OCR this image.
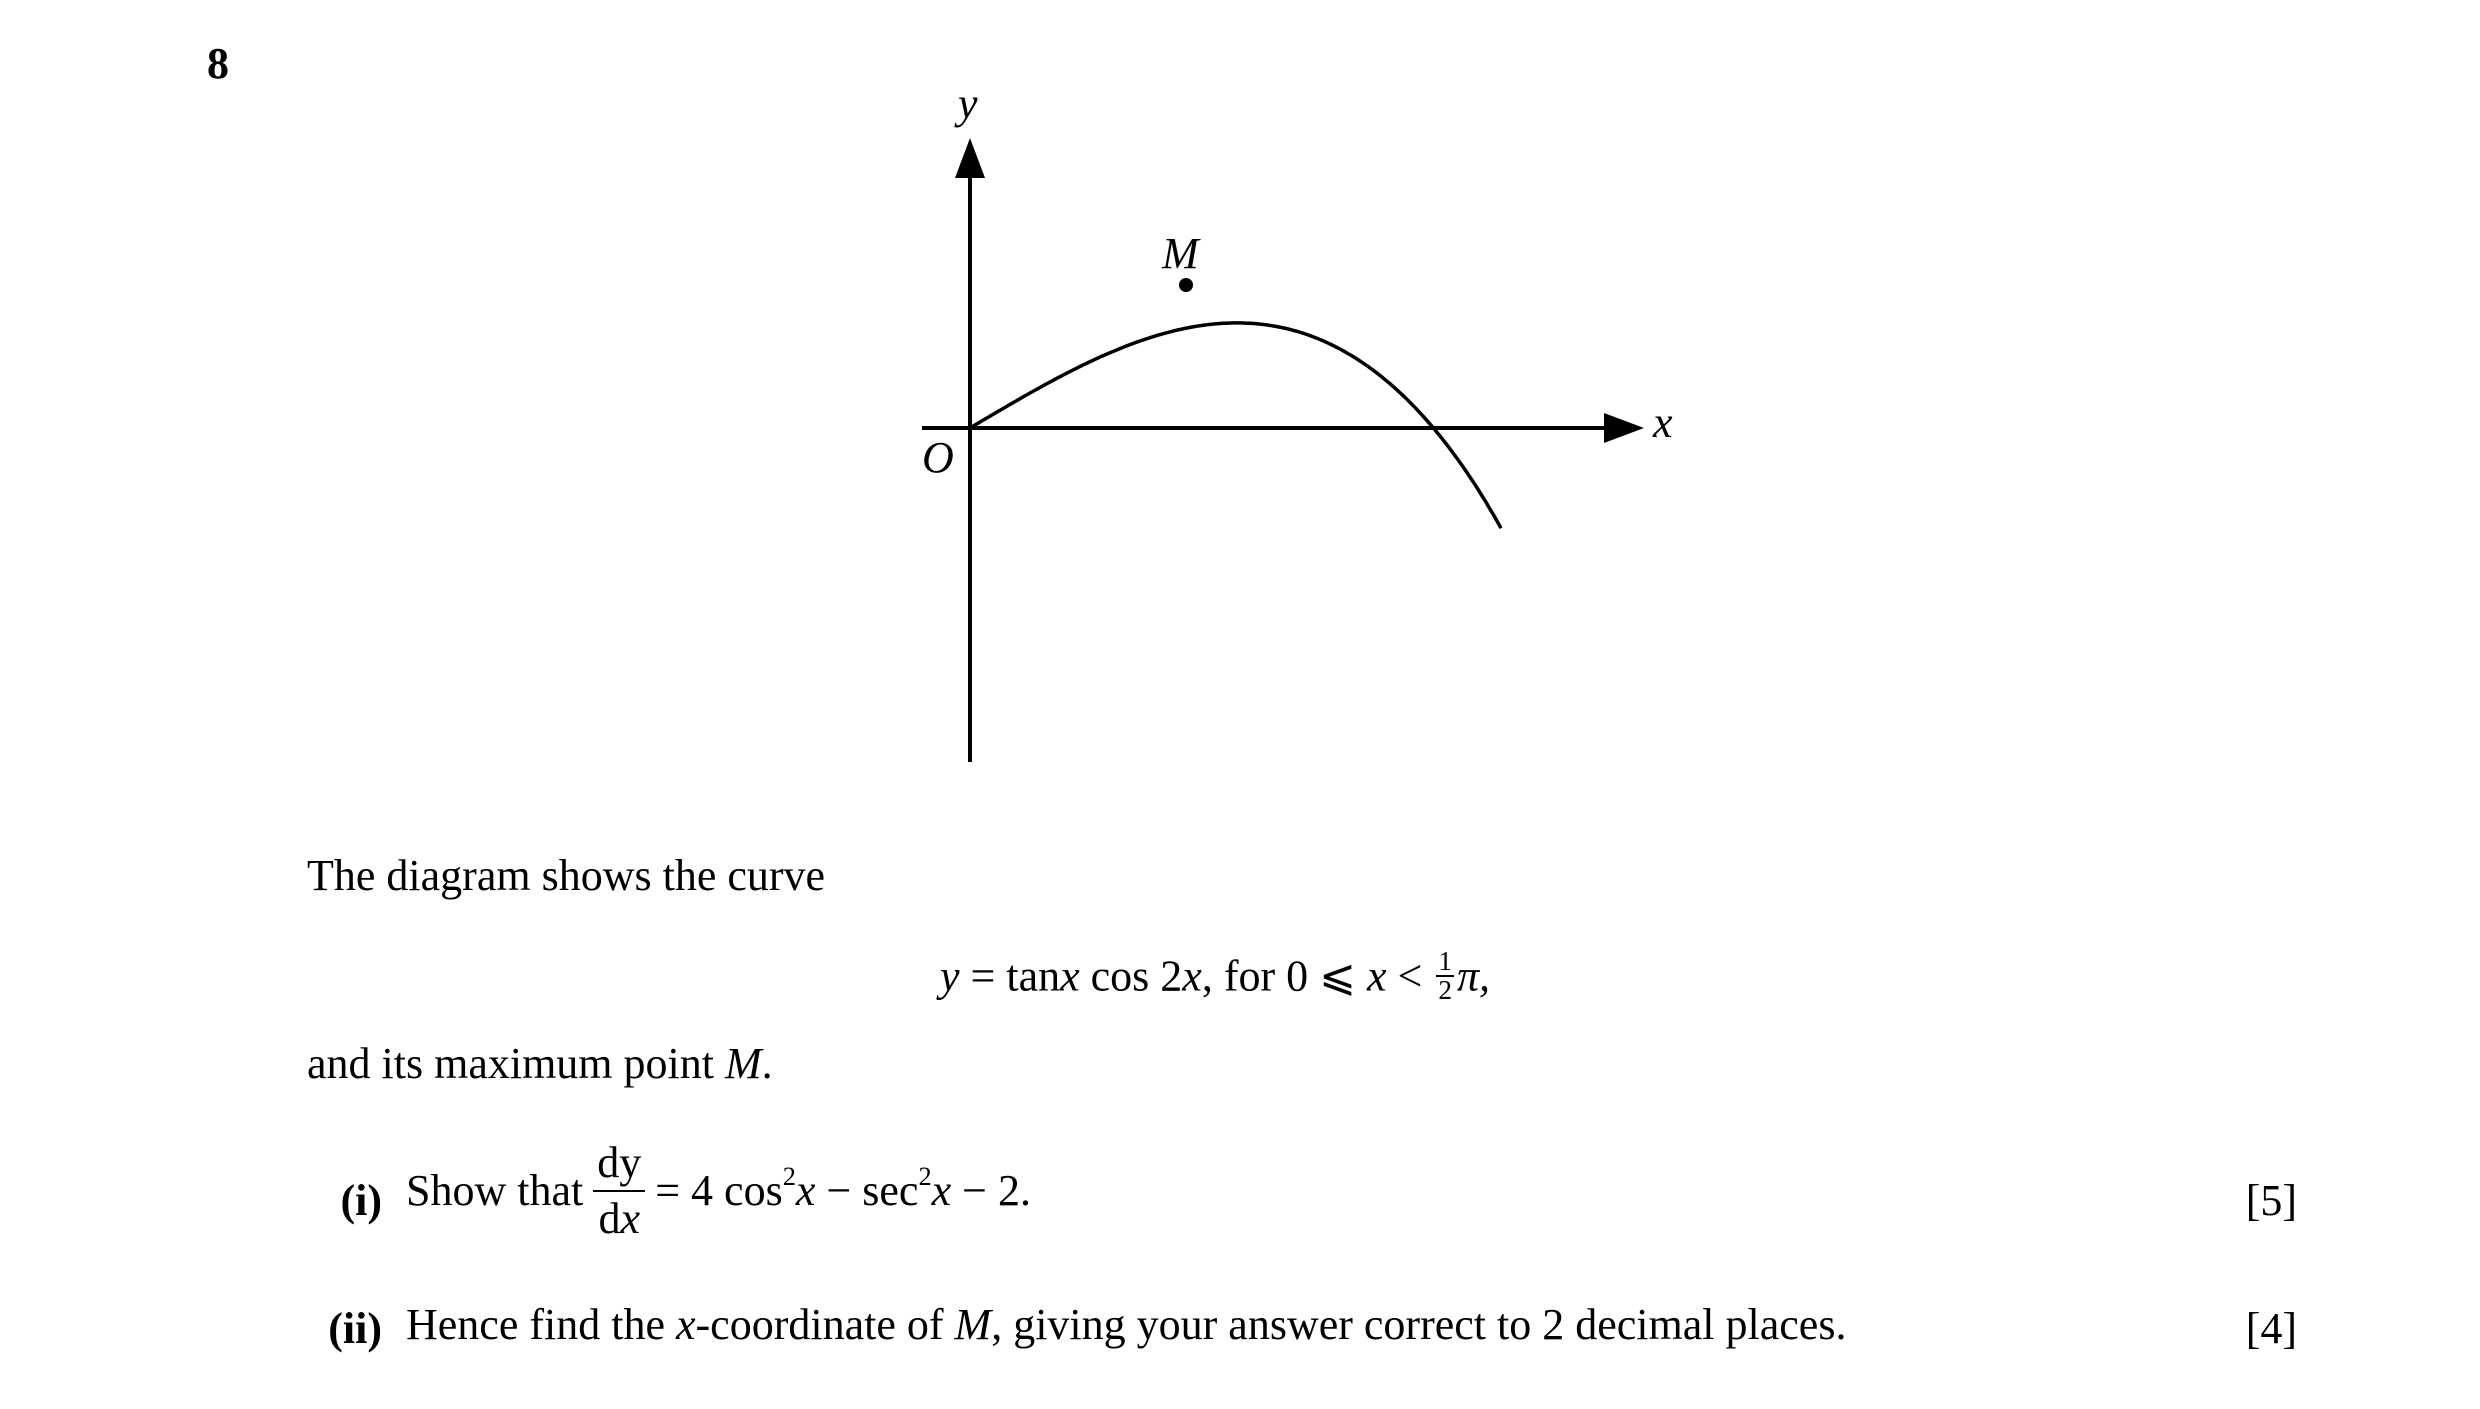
8
y
x
O
M
The diagram shows the curve
y = tanx cos 2x, for 0 ⩽ $x < \frac{1}{2} \pi$,
and its maximum point M.
(i) Show that $\frac{dy}{dx} = 4$ $\cos^2x - \sec^2x - 2$.	[5]
(ii) Hence find the x-coordinate of M, giving your answer correct to 2 decimal places.	[4]
